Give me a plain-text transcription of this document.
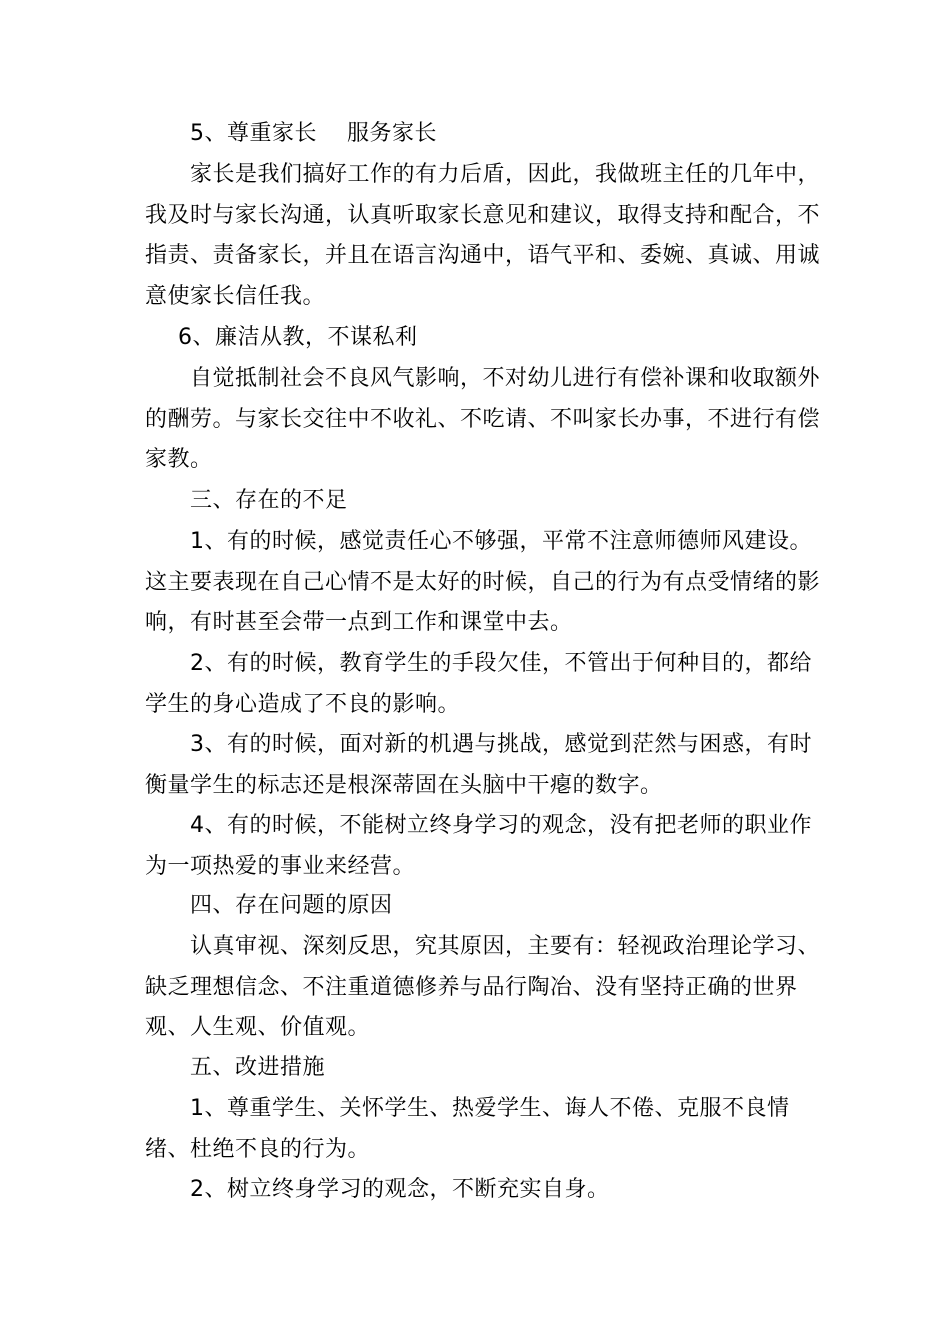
5、尊重家长　 服务家长

家长是我们搞好工作的有力后盾，因此，我做班主任的几年中，我及时与家长沟通，认真听取家长意见和建议，取得支持和配合，不指责、责备家长，并且在语言沟通中，语气平和、委婉、真诚、用诚意使家长信任我。

6、廉洁从教，不谋私利

自觉抵制社会不良风气影响，不对幼儿进行有偿补课和收取额外的酬劳。与家长交往中不收礼、不吃请、不叫家长办事，不进行有偿家教。

三、存在的不足

1、有的时候，感觉责任心不够强，平常不注意师德师风建设。这主要表现在自己心情不是太好的时候，自己的行为有点受情绪的影响，有时甚至会带一点到工作和课堂中去。

2、有的时候，教育学生的手段欠佳，不管出于何种目的，都给学生的身心造成了不良的影响。

3、有的时候，面对新的机遇与挑战，感觉到茫然与困惑，有时衡量学生的标志还是根深蒂固在头脑中干瘪的数字。

4、有的时候，不能树立终身学习的观念，没有把老师的职业作为一项热爱的事业来经营。

四、存在问题的原因

认真审视、深刻反思，究其原因，主要有：轻视政治理论学习、缺乏理想信念、不注重道德修养与品行陶冶、没有坚持正确的世界观、人生观、价值观。

五、改进措施

1、尊重学生、关怀学生、热爱学生、诲人不倦、克服不良情绪、杜绝不良的行为。

2、树立终身学习的观念，不断充实自身。
